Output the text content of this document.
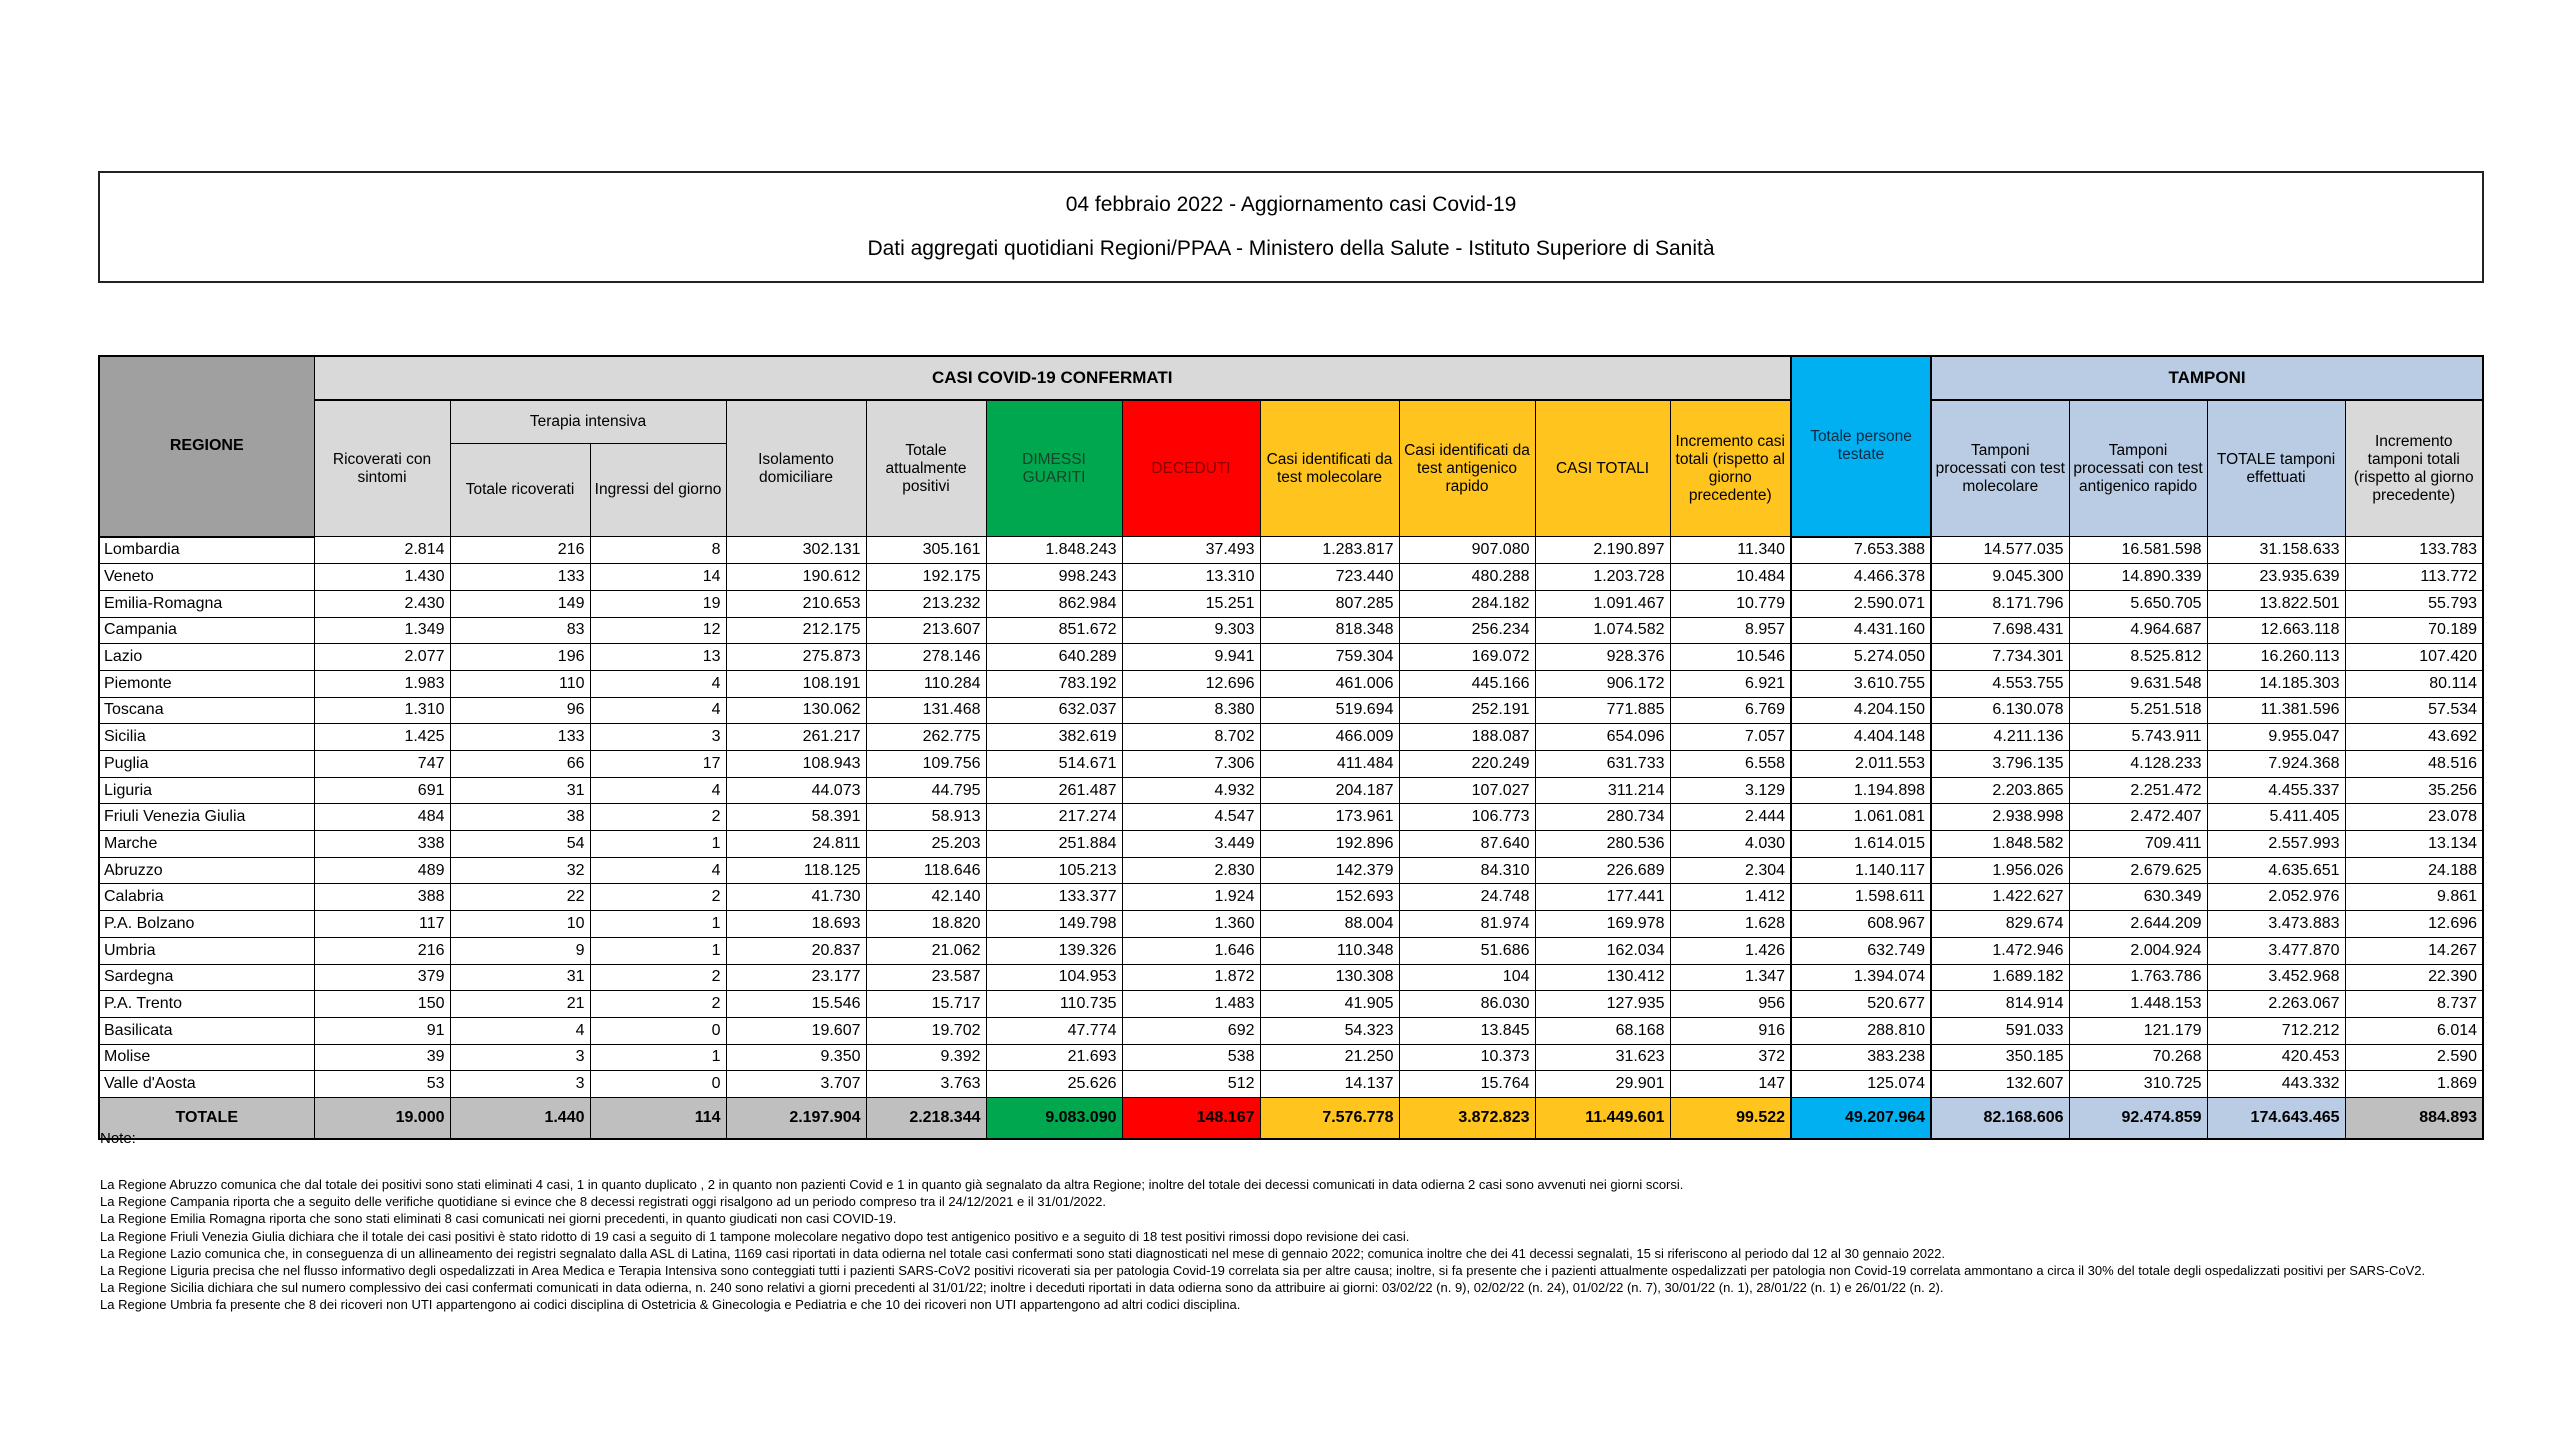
04 febbraio 2022 - Aggiornamento casi Covid-19
Dati aggregati quotidiani Regioni/PPAA - Ministero della Salute - Istituto Superiore di Sanità
REGIONE	CASI COVID-19 CONFERMATI											Totale persone testate	TAMPONI			
	Ricoverati con sintomi	Terapia intensiva		Isolamento domiciliare	Totale attualmente positivi	DIMESSI GUARITI	DECEDUTI	Casi identificati da test molecolare	Casi identificati da test antigenico rapido	CASI TOTALI	Incremento casi totali (rispetto al giorno precedente)		Tamponi processati con test molecolare	Tamponi processati con test antigenico rapido	TOTALE tamponi effettuati	Incremento tamponi totali (rispetto al giorno precedente)
		Totale ricoverati	Ingressi del giorno													
Lombardia	2.814	216	8	302.131	305.161	1.848.243	37.493	1.283.817	907.080	2.190.897	11.340	7.653.388	14.577.035	16.581.598	31.158.633	133.783
Veneto	1.430	133	14	190.612	192.175	998.243	13.310	723.440	480.288	1.203.728	10.484	4.466.378	9.045.300	14.890.339	23.935.639	113.772
Emilia-Romagna	2.430	149	19	210.653	213.232	862.984	15.251	807.285	284.182	1.091.467	10.779	2.590.071	8.171.796	5.650.705	13.822.501	55.793
Campania	1.349	83	12	212.175	213.607	851.672	9.303	818.348	256.234	1.074.582	8.957	4.431.160	7.698.431	4.964.687	12.663.118	70.189
Lazio	2.077	196	13	275.873	278.146	640.289	9.941	759.304	169.072	928.376	10.546	5.274.050	7.734.301	8.525.812	16.260.113	107.420
Piemonte	1.983	110	4	108.191	110.284	783.192	12.696	461.006	445.166	906.172	6.921	3.610.755	4.553.755	9.631.548	14.185.303	80.114
Toscana	1.310	96	4	130.062	131.468	632.037	8.380	519.694	252.191	771.885	6.769	4.204.150	6.130.078	5.251.518	11.381.596	57.534
Sicilia	1.425	133	3	261.217	262.775	382.619	8.702	466.009	188.087	654.096	7.057	4.404.148	4.211.136	5.743.911	9.955.047	43.692
Puglia	747	66	17	108.943	109.756	514.671	7.306	411.484	220.249	631.733	6.558	2.011.553	3.796.135	4.128.233	7.924.368	48.516
Liguria	691	31	4	44.073	44.795	261.487	4.932	204.187	107.027	311.214	3.129	1.194.898	2.203.865	2.251.472	4.455.337	35.256
Friuli Venezia Giulia	484	38	2	58.391	58.913	217.274	4.547	173.961	106.773	280.734	2.444	1.061.081	2.938.998	2.472.407	5.411.405	23.078
Marche	338	54	1	24.811	25.203	251.884	3.449	192.896	87.640	280.536	4.030	1.614.015	1.848.582	709.411	2.557.993	13.134
Abruzzo	489	32	4	118.125	118.646	105.213	2.830	142.379	84.310	226.689	2.304	1.140.117	1.956.026	2.679.625	4.635.651	24.188
Calabria	388	22	2	41.730	42.140	133.377	1.924	152.693	24.748	177.441	1.412	1.598.611	1.422.627	630.349	2.052.976	9.861
P.A. Bolzano	117	10	1	18.693	18.820	149.798	1.360	88.004	81.974	169.978	1.628	608.967	829.674	2.644.209	3.473.883	12.696
Umbria	216	9	1	20.837	21.062	139.326	1.646	110.348	51.686	162.034	1.426	632.749	1.472.946	2.004.924	3.477.870	14.267
Sardegna	379	31	2	23.177	23.587	104.953	1.872	130.308	104	130.412	1.347	1.394.074	1.689.182	1.763.786	3.452.968	22.390
P.A. Trento	150	21	2	15.546	15.717	110.735	1.483	41.905	86.030	127.935	956	520.677	814.914	1.448.153	2.263.067	8.737
Basilicata	91	4	0	19.607	19.702	47.774	692	54.323	13.845	68.168	916	288.810	591.033	121.179	712.212	6.014
Molise	39	3	1	9.350	9.392	21.693	538	21.250	10.373	31.623	372	383.238	350.185	70.268	420.453	2.590
Valle d'Aosta	53	3	0	3.707	3.763	25.626	512	14.137	15.764	29.901	147	125.074	132.607	310.725	443.332	1.869
TOTALE	19.000	1.440	114	2.197.904	2.218.344	9.083.090	148.167	7.576.778	3.872.823	11.449.601	99.522	49.207.964	82.168.606	92.474.859	174.643.465	884.893
Note:
La Regione Abruzzo comunica che dal totale dei positivi sono stati eliminati 4 casi, 1 in quanto duplicato , 2 in quanto non pazienti Covid e 1 in quanto già segnalato da altra Regione; inoltre del totale dei decessi comunicati in data odierna 2 casi sono avvenuti nei giorni scorsi.
La Regione Campania riporta che a seguito delle verifiche quotidiane si evince che 8 decessi registrati oggi risalgono ad un periodo compreso tra il 24/12/2021 e il 31/01/2022.
La Regione Emilia Romagna riporta che sono stati eliminati 8 casi comunicati nei giorni precedenti, in quanto giudicati non casi COVID-19.
La Regione Friuli Venezia Giulia dichiara che il totale dei casi positivi è stato ridotto di 19 casi a seguito di 1 tampone molecolare negativo dopo test antigenico positivo e a seguito di 18 test positivi rimossi dopo revisione dei casi.
La Regione Lazio comunica che, in conseguenza di un allineamento dei registri segnalato dalla ASL di Latina, 1169 casi riportati in data odierna nel totale casi confermati sono stati diagnosticati nel mese di gennaio 2022; comunica inoltre che dei 41 decessi segnalati, 15 si riferiscono al periodo dal 12 al 30 gennaio 2022.
La Regione Liguria precisa che nel flusso informativo degli ospedalizzati in Area Medica e Terapia Intensiva sono conteggiati tutti i pazienti SARS-CoV2 positivi ricoverati sia per patologia Covid-19 correlata sia per altre causa; inoltre, si fa presente che i pazienti attualmente ospedalizzati per patologia non Covid-19 correlata ammontano a circa il 30% del totale degli ospedalizzati positivi per SARS-CoV2.
La Regione Sicilia dichiara che sul numero complessivo dei casi confermati comunicati in data odierna, n. 240 sono relativi a giorni precedenti al 31/01/22; inoltre i deceduti riportati in data odierna sono da attribuire ai giorni: 03/02/22 (n. 9), 02/02/22 (n. 24), 01/02/22 (n. 7), 30/01/22 (n. 1), 28/01/22 (n. 1) e 26/01/22 (n. 2).
La Regione Umbria fa presente che 8 dei ricoveri non UTI appartengono ai codici disciplina di Ostetricia & Ginecologia e Pediatria e che 10 dei ricoveri non UTI appartengono ad altri codici disciplina.
